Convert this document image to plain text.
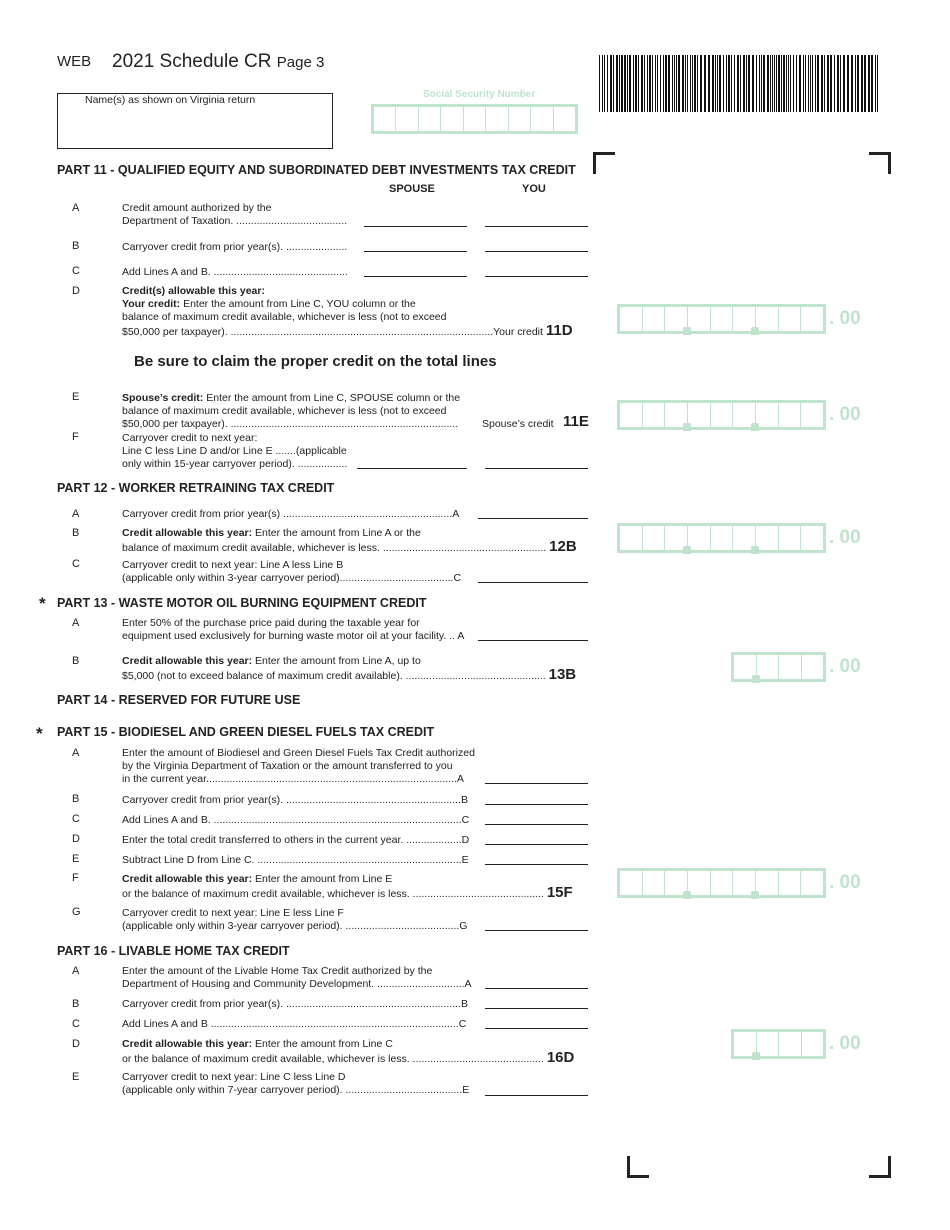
WEB 2021 Schedule CR Page 3
Name(s) as shown on Virginia return	Social Security Number
PART 11 - QUALIFIED EQUITY AND SUBORDINATED DEBT INVESTMENTS TAX CREDIT
SPOUSE	YOU
A	Credit amount authorized by the
Department of Taxation. ......................................
B	Carryover credit from prior year(s). .....................
C	Add Lines A and B. ..............................................
D	Credit(s) allowable this year:
Your credit: Enter the amount from Line C, YOU column or the
balance of maximum credit available, whichever is less (not to exceed
$50,000 per taxpayer). ..........................................................................................Your credit 11D
Be sure to claim the proper credit on the total lines
E	Spouse’s credit: Enter the amount from Line C, SPOUSE column or the
balance of maximum credit available, whichever is less (not to exceed
$50,000 per taxpayer). ..............................................................................	Spouse’s credit 11E
F	Carryover credit to next year:
Line C less Line D and/or Line E .......(applicable
only within 15-year carryover period). .................
PART 12 - WORKER RETRAINING TAX CREDIT
A	Carryover credit from prior year(s) ..........................................................A
B	Credit allowable this year: Enter the amount from Line A or the
balance of maximum credit available, whichever is less. ........................................................ 12B
C	Carryover credit to next year: Line A less Line B
(applicable only within 3-year carryover period).......................................C
* PART 13 - WASTE MOTOR OIL BURNING EQUIPMENT CREDIT
A	Enter 50% of the purchase price paid during the taxable year for
equipment used exclusively for burning waste motor oil at your facility. .. A
B	Credit allowable this year: Enter the amount from Line A, up to
$5,000 (not to exceed balance of maximum credit available). ................................................ 13B
PART 14 - RESERVED FOR FUTURE USE
* PART 15 - BIODIESEL AND GREEN DIESEL FUELS TAX CREDIT
A	Enter the amount of Biodiesel and Green Diesel Fuels Tax Credit authorized
by the Virginia Department of Taxation or the amount transferred to you
in the current year......................................................................................A
B	Carryover credit from prior year(s). ............................................................B
C	Add Lines A and B. .....................................................................................C
D	Enter the total credit transferred to others in the current year. ...................D
E	Subtract Line D from Line C. ......................................................................E
F	Credit allowable this year: Enter the amount from Line E
or the balance of maximum credit available, whichever is less. ............................................. 15F
G	Carryover credit to next year: Line E less Line F
(applicable only within 3-year carryover period). .......................................G
PART 16 - LIVABLE HOME TAX CREDIT
A	Enter the amount of the Livable Home Tax Credit authorized by the
Department of Housing and Community Development. ..............................A
B	Carryover credit from prior year(s). ............................................................B
C	Add Lines A and B .....................................................................................C
D	Credit allowable this year: Enter the amount from Line C
or the balance of maximum credit available, whichever is less. ............................................. 16D
E	Carryover credit to next year: Line C less Line D
(applicable only within 7-year carryover period). ........................................E
. 00
. 00
. 00
. 00
. 00
. 00
